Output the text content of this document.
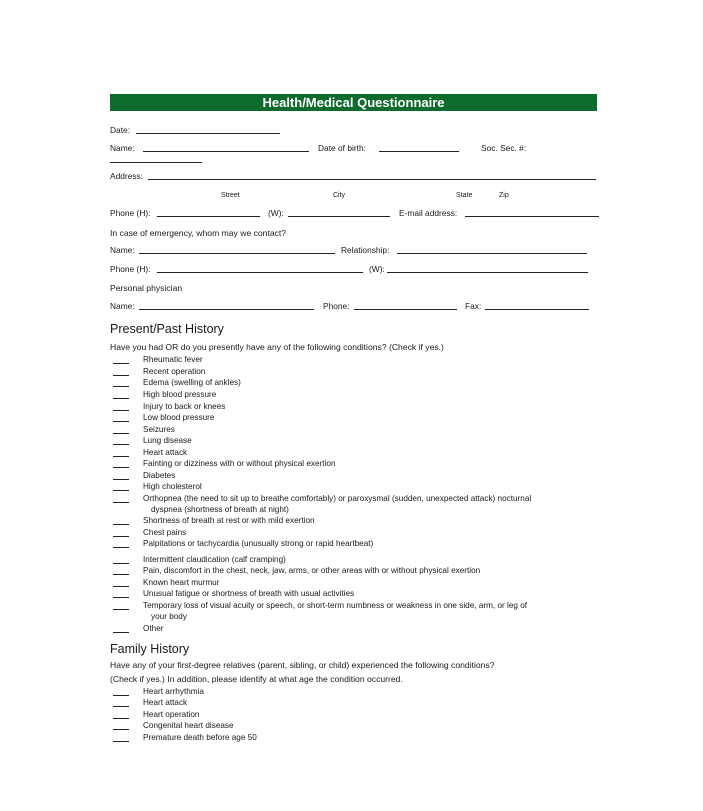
Health/Medical Questionnaire
Date:
Name:	Date of birth:	Soc. Sec. #:
Address:
Street	City	State	Zip
Phone (H):	(W):	E-mail address:
In case of emergency, whom may we contact?
Name:	Relationship:
Phone (H):	(W):
Personal physician
Name:	Phone:	Fax:
Present/Past History
Have you had OR do you presently have any of the following conditions? (Check if yes.)
Rheumatic fever
Recent operation
Edema (swelling of ankles)
High blood pressure
Injury to back or knees
Low blood pressure
Seizures
Lung disease
Heart attack
Fainting or dizziness with or without physical exertion
Diabetes
High cholesterol
Orthopnea (the need to sit up to breathe comfortably) or paroxysmal (sudden, unexpected attack) nocturnal
dyspnea (shortness of breath at night)
Shortness of breath at rest or with mild exertion
Chest pains
Palpitations or tachycardia (unusually strong or rapid heartbeat)
Intermittent claudication (calf cramping)
Pain, discomfort in the chest, neck, jaw, arms, or other areas with or without physical exertion
Known heart murmur
Unusual fatigue or shortness of breath with usual activities
Temporary loss of visual acuity or speech, or short-term numbness or weakness in one side, arm, or leg of
your body
Other
Family History
Have any of your first-degree relatives (parent, sibling, or child) experienced the following conditions?
(Check if yes.) In addition, please identify at what age the condition occurred.
Heart arrhythmia
Heart attack
Heart operation
Congenital heart disease
Premature death before age 50
